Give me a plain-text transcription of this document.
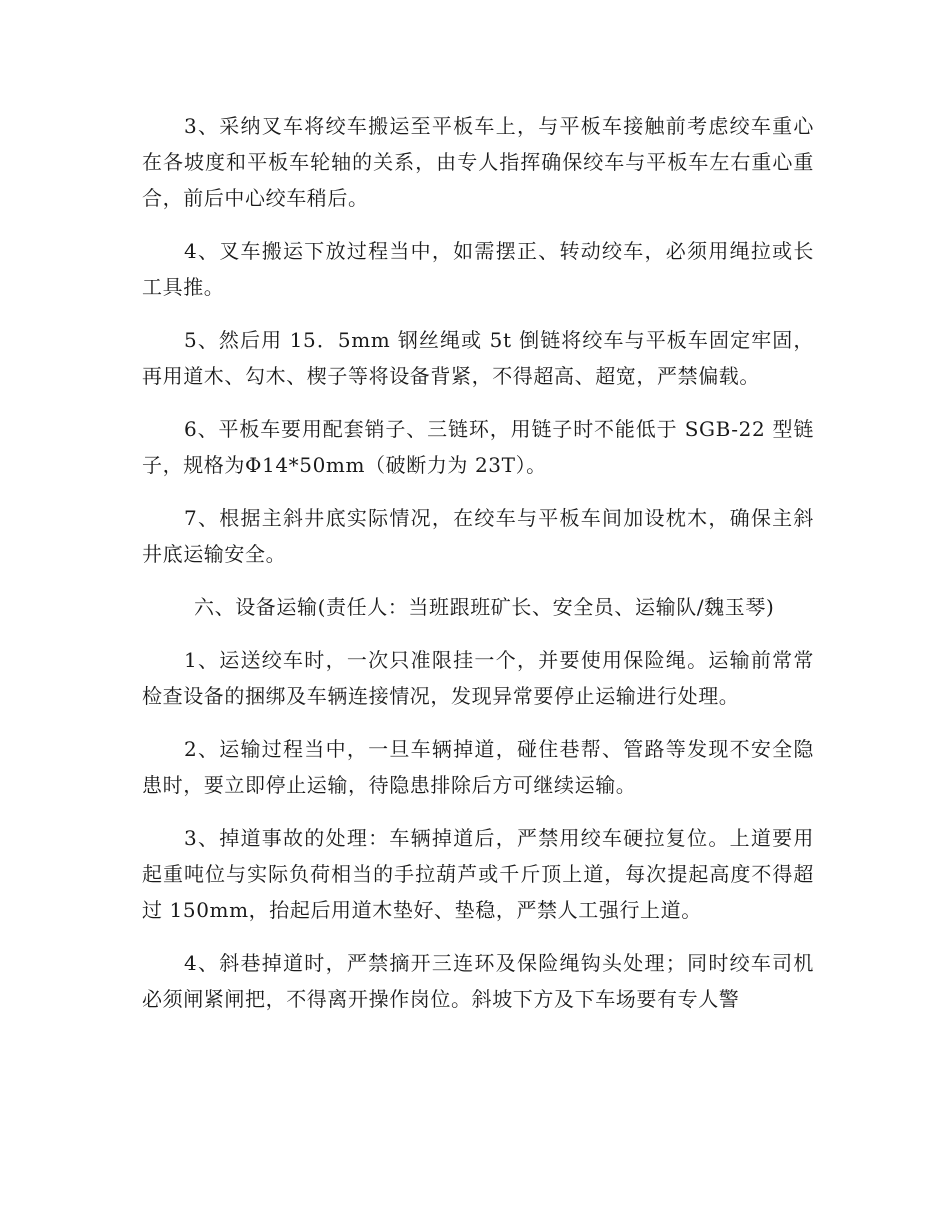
3、采纳叉车将绞车搬运至平板车上，与平板车接触前考虑绞车重心在各坡度和平板车轮轴的关系，由专人指挥确保绞车与平板车左右重心重合，前后中心绞车稍后。

4、叉车搬运下放过程当中，如需摆正、转动绞车，必须用绳拉或长工具推。

5、然后用 15．5mm 钢丝绳或 5t 倒链将绞车与平板车固定牢固，再用道木、勾木、楔子等将设备背紧，不得超高、超宽，严禁偏载。

6、平板车要用配套销子、三链环，用链子时不能低于 SGB-22 型链子，规格为Φ14*50mm（破断力为 23T）。

7、根据主斜井底实际情况，在绞车与平板车间加设枕木，确保主斜井底运输安全。

六、设备运输(责任人：当班跟班矿长、安全员、运输队/魏玉琴)

1、运送绞车时，一次只准限挂一个，并要使用保险绳。运输前常常检查设备的捆绑及车辆连接情况，发现异常要停止运输进行处理。

2、运输过程当中，一旦车辆掉道，碰住巷帮、管路等发现不安全隐患时，要立即停止运输，待隐患排除后方可继续运输。

3、掉道事故的处理：车辆掉道后，严禁用绞车硬拉复位。上道要用起重吨位与实际负荷相当的手拉葫芦或千斤顶上道，每次提起高度不得超过 150mm，抬起后用道木垫好、垫稳，严禁人工强行上道。

4、斜巷掉道时，严禁摘开三连环及保险绳钩头处理；同时绞车司机必须闸紧闸把，不得离开操作岗位。斜坡下方及下车场要有专人警
